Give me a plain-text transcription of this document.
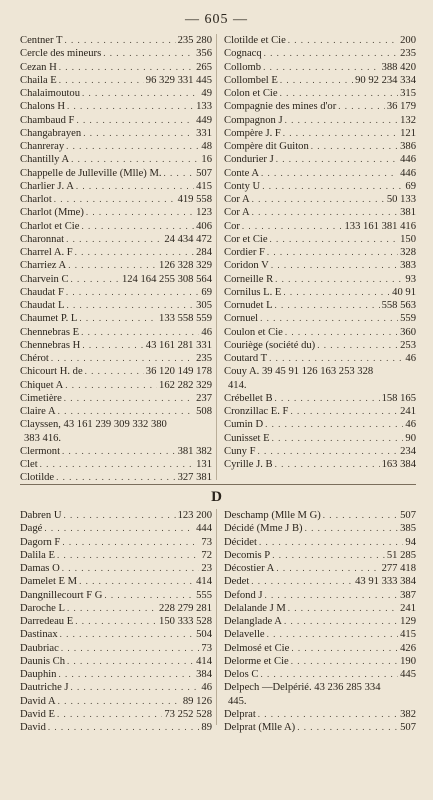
— 605 —
Centner T . . .	235 280
Cercle des mineurs . . .	356
Cezan H . . .	265
Chaila E . . .	96 329 331 445
Chalaimoutou . . .	49
Chalons H . . .	133
Chambaud F . . .	449
Changabrayen . . .	331
Chanreray . . .	48
Chantilly A . . .	16
Chappelle de Julleville (Mlle) M. . . .	507
Charlier J. A . . .	415
Charlot . . .	419 558
Charlot (Mme) . . .	123
Charlot et Cie . . .	406
Charonnat . . .	24 434 472
Charrel A. F . . .	284
Charriez A . . .	126 328 329
Charvein C . . .	124 164 255 308 564
Chaudat F . . .	69
Chaudat L . . .	305
Chaumet P. L . . .	133 558 559
Chennebras E . . .	46
Chennebras H . . .	43 161 281 331
Chérot . . .	235
Chicourt H. de . . .	36 120 149 178
Chiquet A . . .	162 282 329
Cimetière . . .	237
Claire A . . .	508
Clayssen, 43 161 239 309 332 380
383 416.
Clermont . . .	381 382
Clet . . .	131
Clotilde . . .	327 381
Clotilde et Cie . . .	200
Cognacq . . .	235
Collomb . . .	388 420
Collombel E . . .	90 92 234 334
Colon et Cie . . .	315
Compagnie des mines d'or . . .	36 179
Compagnon J . . .	132
Compère J. F . . .	121
Compère dit Guiton . . .	386
Condurier J . . .	446
Conte A . . .	446
Conty U . . .	69
Cor A . . .	50 133
Cor A . . .	381
Cor . . .	133 161 381 416
Cor et Cie . . .	150
Cordier F . . .	328
Coridon V . . .	383
Corneille R . . .	93
Cornilus L. E . . .	40 91
Cornudet L . . .	558 563
Cornuel . . .	559
Coulon et Cie . . .	360
Couriège (société du) . . .	253
Coutard T . . .	46
Couy A. 39 45 91 126 163 253 328
414.
Crébellet B . . .	158 165
Cronzillac E. F . . .	241
Cumin D . . .	46
Cunisset E . . .	90
Cuny F . . .	234
Cyrille J. B . . .	163 384
D
Dabren U . . .	123 200
Dagé . . .	444
Dagorn F . . .	73
Dalila E . . .	72
Damas O . . .	23
Damelet E M . . .	414
Dangnillecourt F G . . .	555
Daroche L . . .	228 279 281
Darredeau E . . .	150 333 528
Dastinax . . .	504
Daubriac . . .	73
Daunis Ch . . .	414
Dauphin . . .	384
Dautriche J . . .	46
David A . . .	89 126
David E . . .	73 252 528
David . . .	89
Deschamp (Mlle M G) . . .	507
Décidé (Mme J B) . . .	385
Décidet . . .	94
Decomis P . . .	51 285
Décostier A . . .	277 418
Dedet . . .	43 91 333 384
Defond J . . .	387
Delalande J M . . .	241
Delanglade A . . .	129
Delavelle . . .	415
Delmosé et Cie . . .	426
Delorme et Cie . . .	190
Delos C . . .	445
Delpech —Delpérié. 43 236 285 334
445.
Delprat . . .	382
Delprat (Mlle A) . . .	507
